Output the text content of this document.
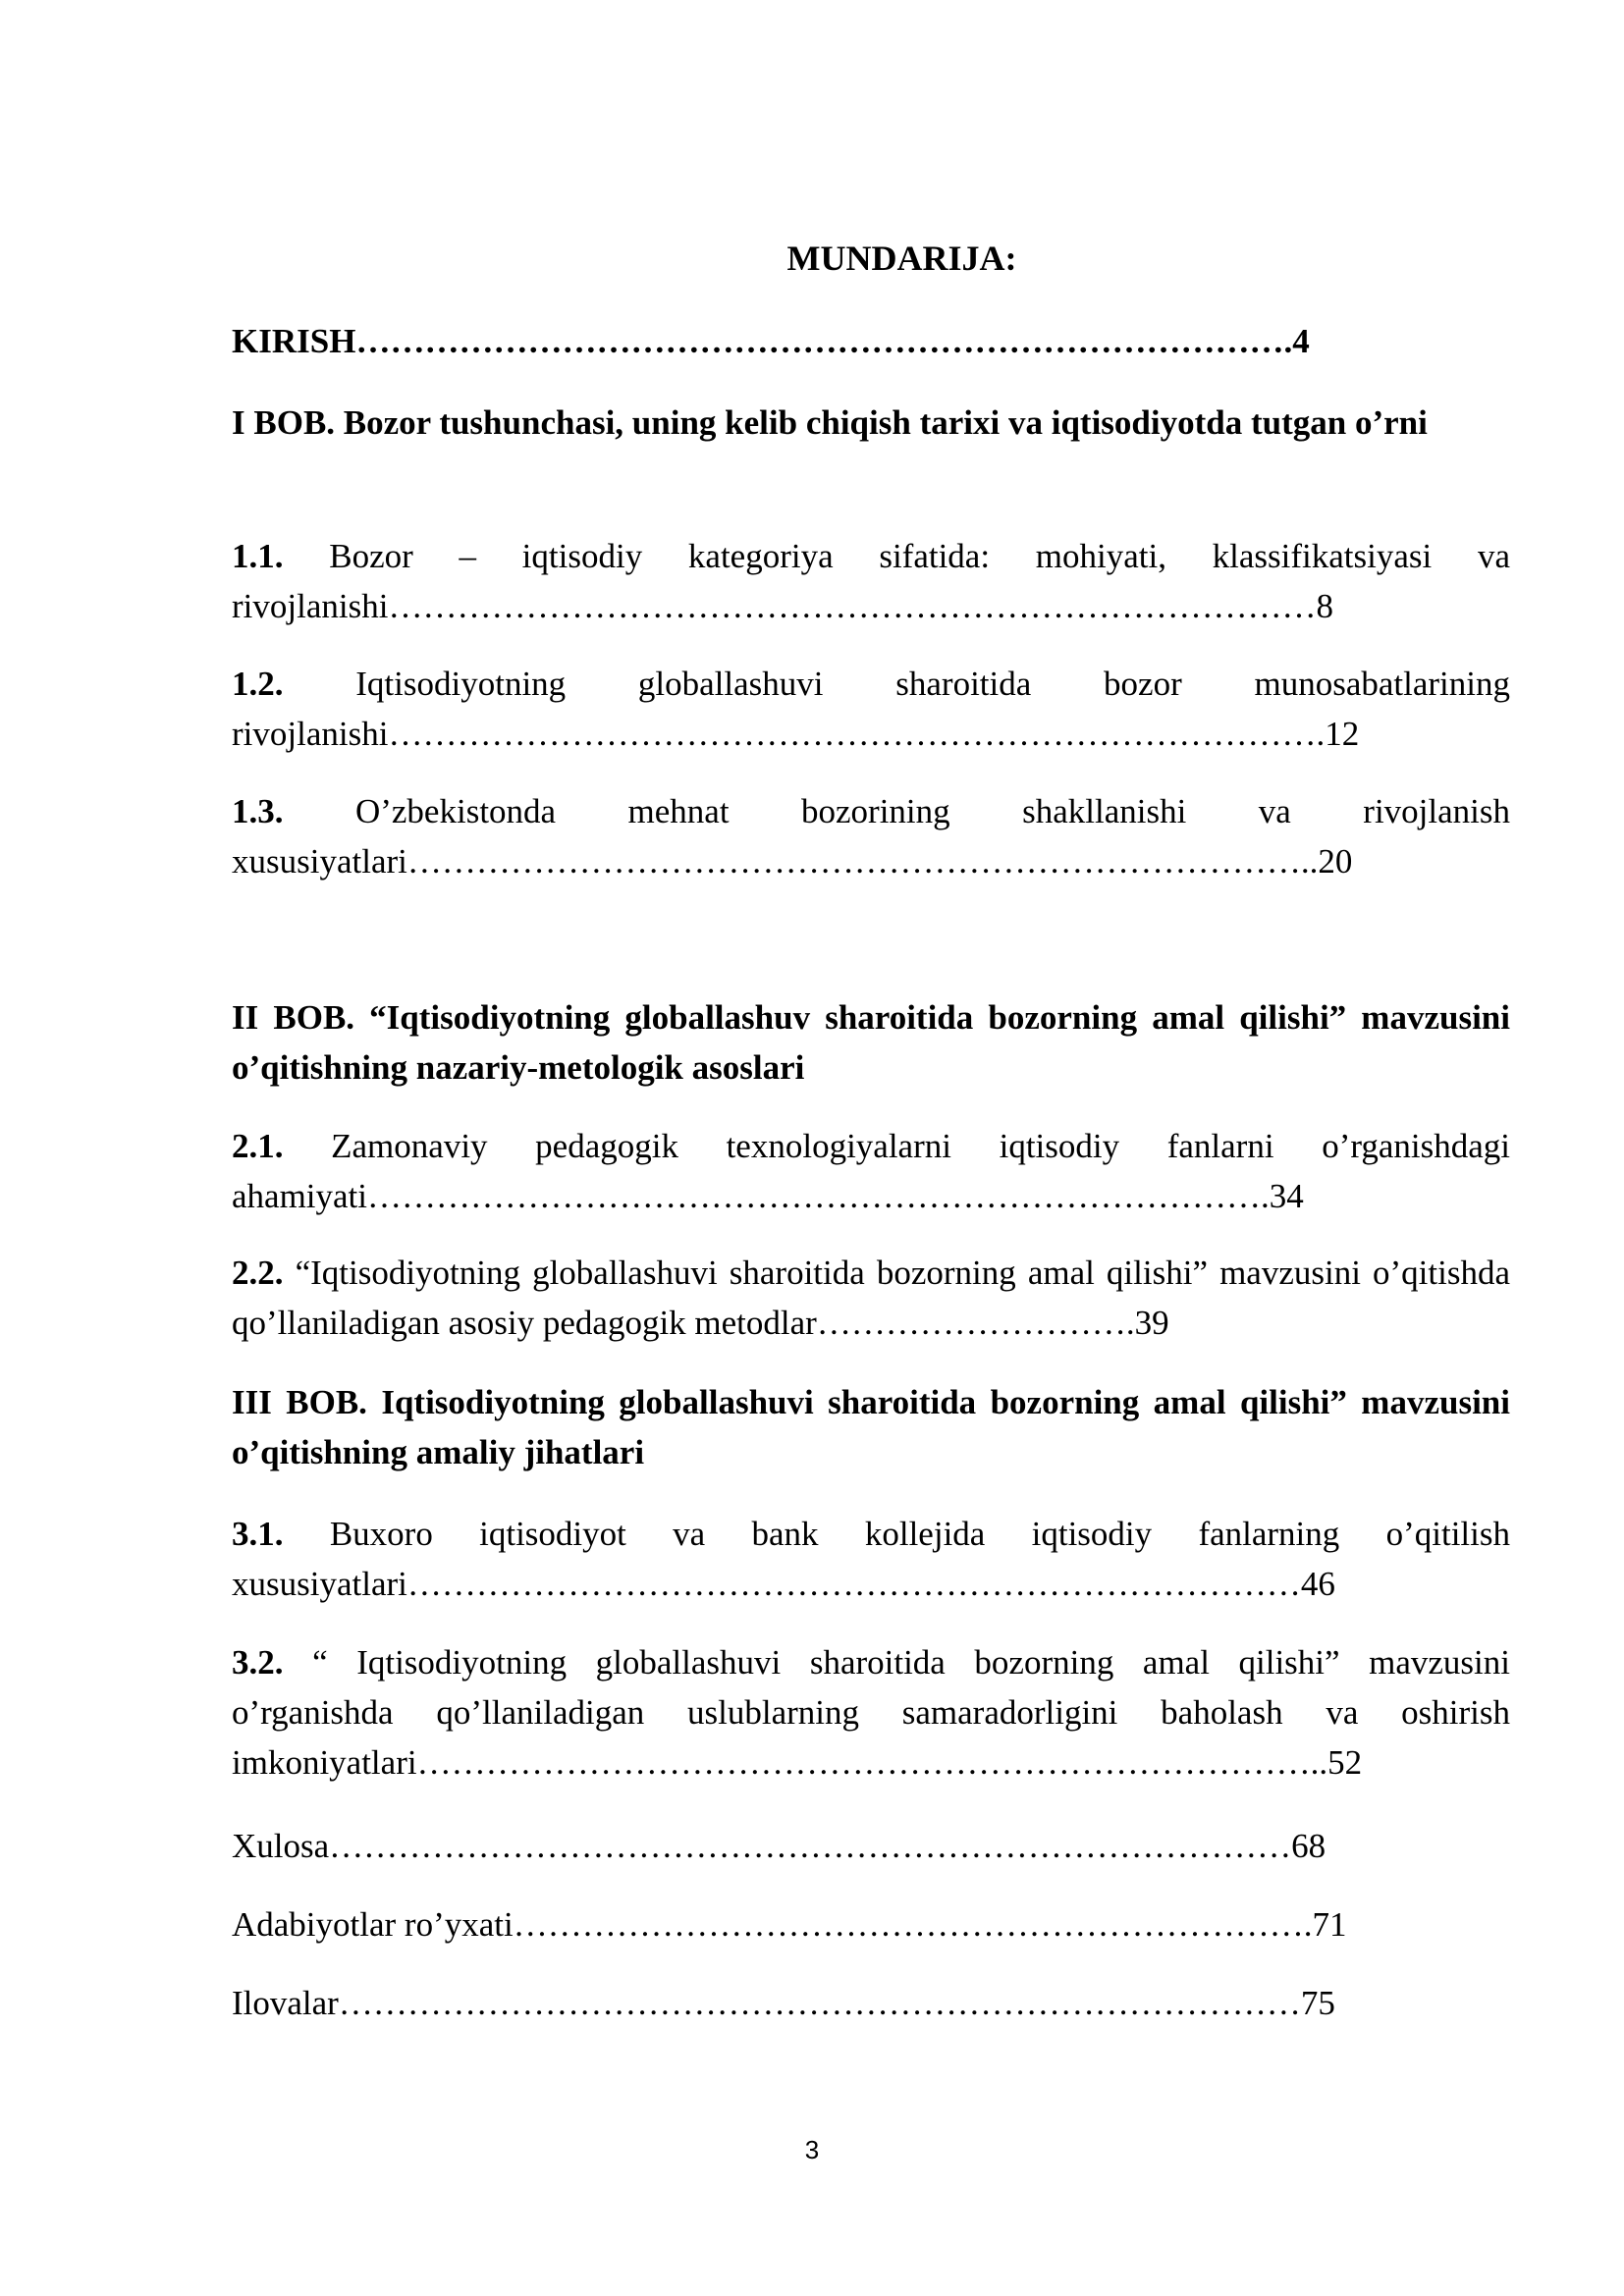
MUNDARIJA:
KIRISH……………………………………………………………………….4
I BOB. Bozor tushunchasi, uning kelib chiqish tarixi va iqtisodiyotda tutgan o’rni
1.1. Bozor – iqtisodiy kategoriya sifatida: mohiyati, klassifikatsiyasi va rivojlanishi………………………………………………………………………8
1.2. Iqtisodiyotning globallashuvi sharoitida bozor munosabatlarining rivojlanishi……………………………………………………………………….12
1.3. O’zbekistonda mehnat bozorining shakllanishi va rivojlanish xususiyatlari……………………………………………………………………..20
II BOB. “Iqtisodiyotning globallashuv sharoitida bozorning amal qilishi” mavzusini o’qitishning nazariy-metologik asoslari
2.1. Zamonaviy pedagogik texnologiyalarni iqtisodiy fanlarni o’rganishdagi ahamiyati…………………………………………………………………….34
2.2. “Iqtisodiyotning globallashuvi sharoitida bozorning amal qilishi” mavzusini o’qitishda qo’llaniladigan asosiy pedagogik metodlar……………………….39
III BOB. Iqtisodiyotning globallashuvi sharoitida bozorning amal qilishi” mavzusini o’qitishning amaliy jihatlari
3.1. Buxoro iqtisodiyot va bank kollejida iqtisodiy fanlarning o’qitilish xususiyatlari……………………………………………………………………46
3.2. “ Iqtisodiyotning globallashuvi sharoitida bozorning amal qilishi” mavzusini o’rganishda qo’llaniladigan uslublarning samaradorligini baholash va oshirish imkoniyatlari……………………………………………………………………..52
Xulosa…………………………………………………………………………68
Adabiyotlar ro’yxati…………………………………………………………….71
Ilovalar…………………………………………………………………………75
3
